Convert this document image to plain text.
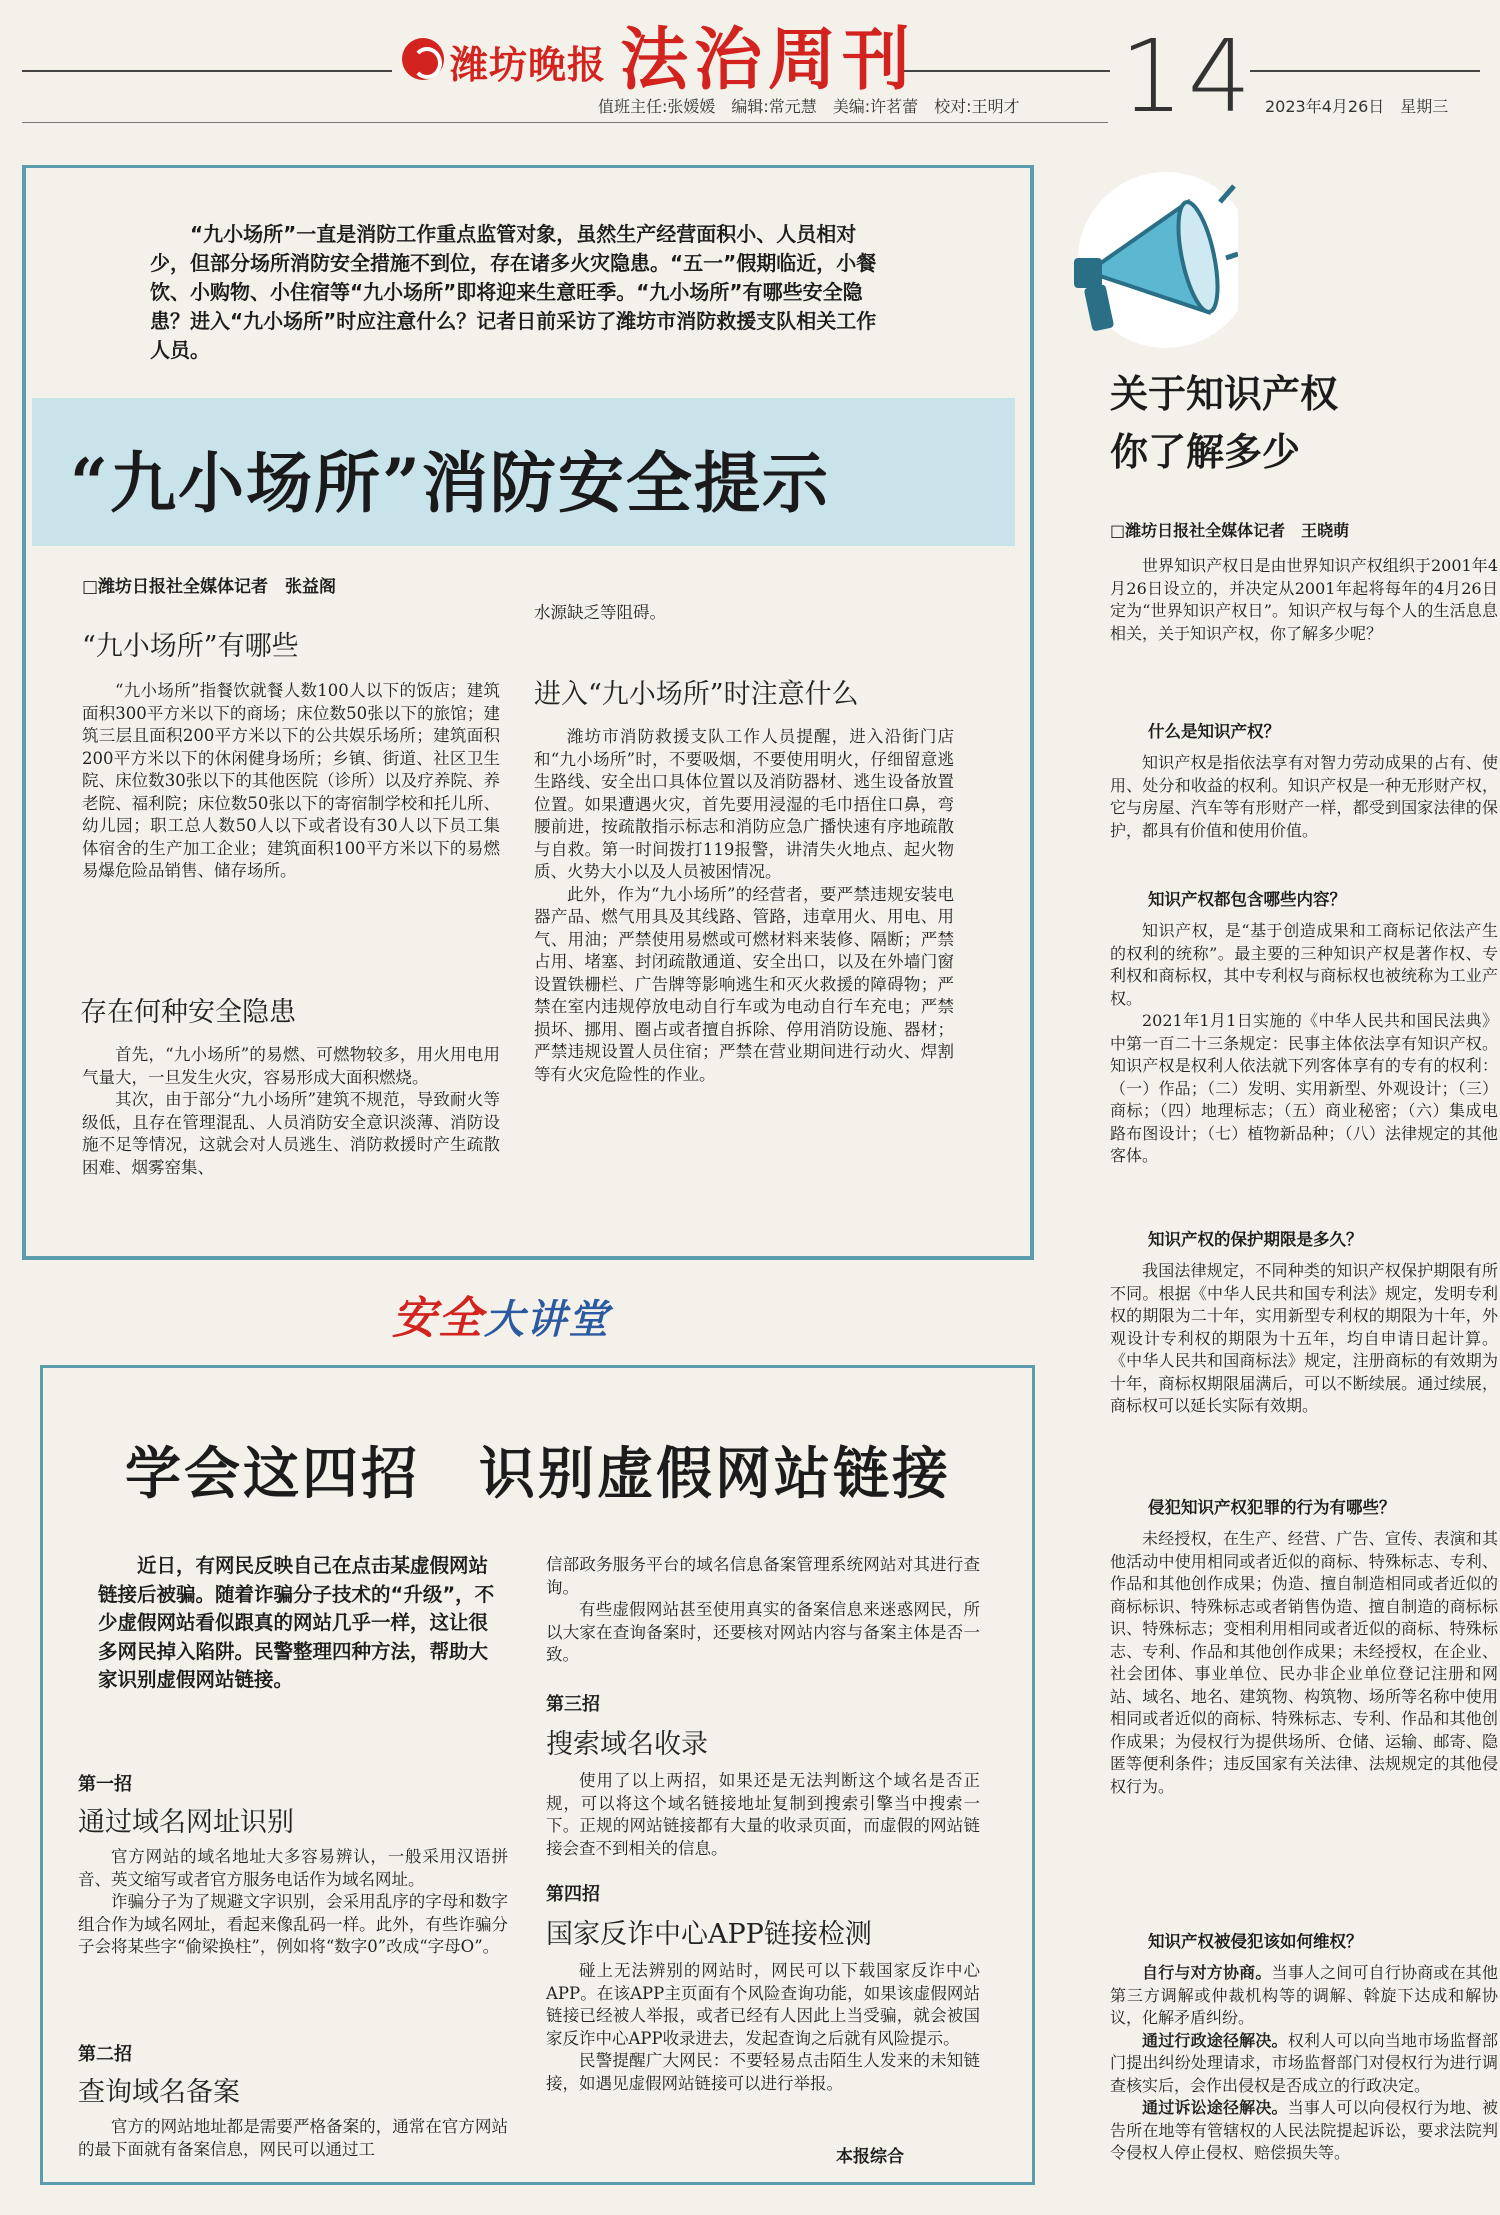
潍坊晚报 法治周刊 14
值班主任:张媛媛　编辑:常元慧　美编:许茗蕾　校对:王明才	2023年4月26日　星期三
“九小场所”一直是消防工作重点监管对象，虽然生产经营面积小、人员相对少，但部分场所消防安全措施不到位，存在诸多火灾隐患。“五一”假期临近，小餐饮、小购物、小住宿等“九小场所”即将迎来生意旺季。“九小场所”有哪些安全隐患？进入“九小场所”时应注意什么？记者日前采访了潍坊市消防救援支队相关工作人员。
“九小场所”消防安全提示
□潍坊日报社全媒体记者　张益阁
“九小场所”有哪些

“九小场所”指餐饮就餐人数100人以下的饭店；建筑面积300平方米以下的商场；床位数50张以下的旅馆；建筑三层且面积200平方米以下的公共娱乐场所；建筑面积200平方米以下的休闲健身场所；乡镇、街道、社区卫生院、床位数30张以下的其他医院（诊所）以及疗养院、养老院、福利院；床位数50张以下的寄宿制学校和托儿所、幼儿园；职工总人数50人以下或者设有30人以下员工集体宿舍的生产加工企业；建筑面积100平方米以下的易燃易爆危险品销售、储存场所。

存在何种安全隐患

首先，“九小场所”的易燃、可燃物较多，用火用电用气量大，一旦发生火灾，容易形成大面积燃烧。

其次，由于部分“九小场所”建筑不规范，导致耐火等级低，且存在管理混乱、人员消防安全意识淡薄、消防设施不足等情况，这就会对人员逃生、消防救援时产生疏散困难、烟雾窑集、

水源缺乏等阻碍。

进入“九小场所”时注意什么

潍坊市消防救援支队工作人员提醒，进入沿街门店和“九小场所”时，不要吸烟，不要使用明火，仔细留意逃生路线、安全出口具体位置以及消防器材、逃生设备放置位置。如果遭遇火灾，首先要用浸湿的毛巾捂住口鼻，弯腰前进，按疏散指示标志和消防应急广播快速有序地疏散与自救。第一时间拨打119报警，讲清失火地点、起火物质、火势大小以及人员被困情况。

此外，作为“九小场所”的经营者，要严禁违规安装电器产品、燃气用具及其线路、管路，违章用火、用电、用气、用油；严禁使用易燃或可燃材料来装修、隔断；严禁占用、堵塞、封闭疏散通道、安全出口，以及在外墙门窗设置铁栅栏、广告牌等影响逃生和灭火救援的障碍物；严禁在室内违规停放电动自行车或为电动自行车充电；严禁损坏、挪用、圈占或者擅自拆除、停用消防设施、器材；严禁违规设置人员住宿；严禁在营业期间进行动火、焊割等有火灾危险性的作业。

关于知识产权
你了解多少
□潍坊日报社全媒体记者　王晓萌

世界知识产权日是由世界知识产权组织于2001年4月26日设立的，并决定从2001年起将每年的4月26日定为“世界知识产权日”。知识产权与每个人的生活息息相关，关于知识产权，你了解多少呢？

什么是知识产权？

知识产权是指依法享有对智力劳动成果的占有、使用、处分和收益的权利。知识产权是一种无形财产权，它与房屋、汽车等有形财产一样，都受到国家法律的保护，都具有价值和使用价值。

知识产权都包含哪些内容？

知识产权，是“基于创造成果和工商标记依法产生的权利的统称”。最主要的三种知识产权是著作权、专利权和商标权，其中专利权与商标权也被统称为工业产权。

2021年1月1日实施的《中华人民共和国民法典》中第一百二十三条规定：民事主体依法享有知识产权。知识产权是权利人依法就下列客体享有的专有的权利：（一）作品；（二）发明、实用新型、外观设计；（三）商标；（四）地理标志；（五）商业秘密；（六）集成电路布图设计；（七）植物新品种；（八）法律规定的其他客体。

知识产权的保护期限是多久？

我国法律规定，不同种类的知识产权保护期限有所不同。根据《中华人民共和国专利法》规定，发明专利权的期限为二十年，实用新型专利权的期限为十年，外观设计专利权的期限为十五年，均自申请日起计算。《中华人民共和国商标法》规定，注册商标的有效期为十年，商标权期限届满后，可以不断续展。通过续展，商标权可以延长实际有效期。

侵犯知识产权犯罪的行为有哪些？

未经授权，在生产、经营、广告、宣传、表演和其他活动中使用相同或者近似的商标、特殊标志、专利、作品和其他创作成果；伪造、擅自制造相同或者近似的商标标识、特殊标志或者销售伪造、擅自制造的商标标识、特殊标志；变相利用相同或者近似的商标、特殊标志、专利、作品和其他创作成果；未经授权，在企业、社会团体、事业单位、民办非企业单位登记注册和网站、域名、地名、建筑物、构筑物、场所等名称中使用相同或者近似的商标、特殊标志、专利、作品和其他创作成果；为侵权行为提供场所、仓储、运输、邮寄、隐匿等便利条件；违反国家有关法律、法规规定的其他侵权行为。

知识产权被侵犯该如何维权？

自行与对方协商。当事人之间可自行协商或在其他第三方调解或仲裁机构等的调解、斡旋下达成和解协议，化解矛盾纠纷。

通过行政途径解决。权利人可以向当地市场监督部门提出纠纷处理请求，市场监督部门对侵权行为进行调查核实后，会作出侵权是否成立的行政决定。

通过诉讼途径解决。当事人可以向侵权行为地、被告所在地等有管辖权的人民法院提起诉讼，要求法院判令侵权人停止侵权、赔偿损失等。

安全大讲堂
学会这四招　识别虚假网站链接
近日，有网民反映自己在点击某虚假网站链接后被骗。随着诈骗分子技术的“升级”，不少虚假网站看似跟真的网站几乎一样，这让很多网民掉入陷阱。民警整理四种方法，帮助大家识别虚假网站链接。
第一招
通过域名网址识别

官方网站的域名地址大多容易辨认，一般采用汉语拼音、英文缩写或者官方服务电话作为域名网址。

诈骗分子为了规避文字识别，会采用乱序的字母和数字组合作为域名网址，看起来像乱码一样。此外，有些诈骗分子会将某些字“偷梁换柱”，例如将“数字0”改成“字母O”。

第二招
查询域名备案

官方的网站地址都是需要严格备案的，通常在官方网站的最下面就有备案信息，网民可以通过工

信部政务服务平台的域名信息备案管理系统网站对其进行查询。

有些虚假网站甚至使用真实的备案信息来迷惑网民，所以大家在查询备案时，还要核对网站内容与备案主体是否一致。

第三招
搜索域名收录

使用了以上两招，如果还是无法判断这个域名是否正规，可以将这个域名链接地址复制到搜索引擎当中搜索一下。正规的网站链接都有大量的收录页面，而虚假的网站链接会查不到相关的信息。

第四招
国家反诈中心APP链接检测

碰上无法辨别的网站时，网民可以下载国家反诈中心APP。在该APP主页面有个风险查询功能，如果该虚假网站链接已经被人举报，或者已经有人因此上当受骗，就会被国家反诈中心APP收录进去，发起查询之后就有风险提示。

民警提醒广大网民：不要轻易点击陌生人发来的未知链接，如遇见虚假网站链接可以进行举报。

本报综合
